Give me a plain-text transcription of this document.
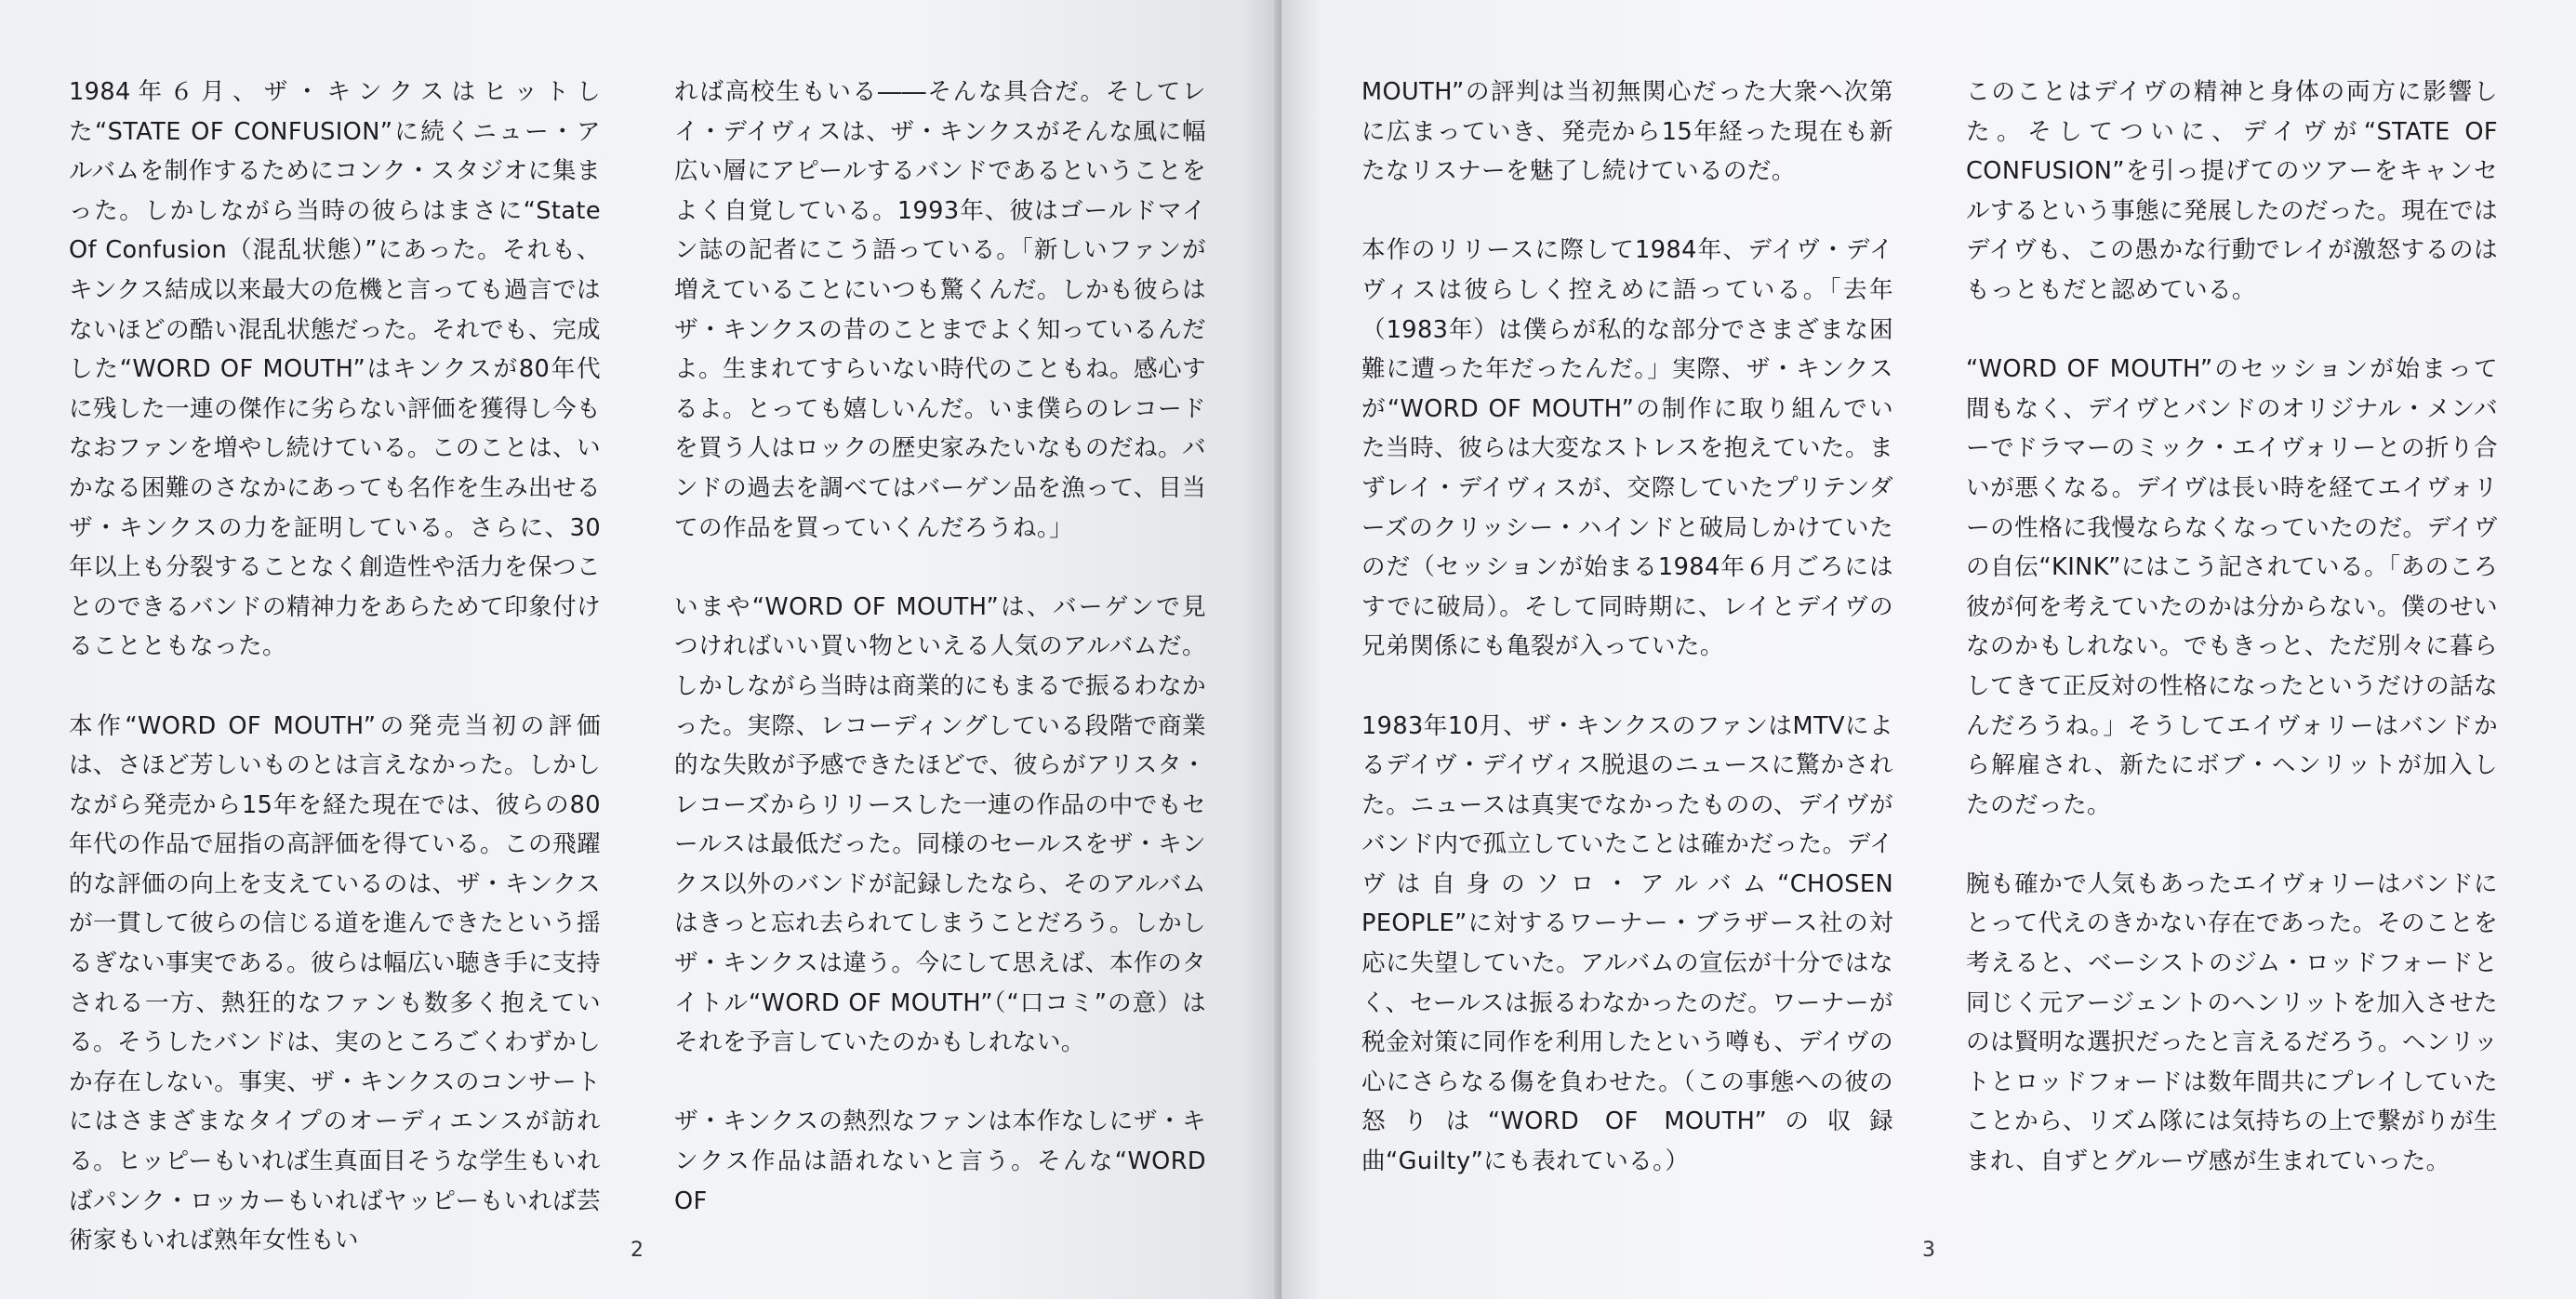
1984年６月、ザ・キンクスはヒットした“STATE OF CONFUSION”に続くニュー・アルバムを制作するためにコンク・スタジオに集まった。しかしながら当時の彼らはまさに“State Of Confusion（混乱状態）”にあった。それも、キンクス結成以来最大の危機と言っても過言ではないほどの酷い混乱状態だった。それでも、完成した“WORD OF MOUTH”はキンクスが80年代に残した一連の傑作に劣らない評価を獲得し今もなおファンを増やし続けている。このことは、いかなる困難のさなかにあっても名作を生み出せるザ・キンクスの力を証明している。さらに、30年以上も分裂することなく創造性や活力を保つことのできるバンドの精神力をあらためて印象付けることともなった。

本作“WORD OF MOUTH”の発売当初の評価は、さほど芳しいものとは言えなかった。しかしながら発売から15年を経た現在では、彼らの80年代の作品で屈指の高評価を得ている。この飛躍的な評価の向上を支えているのは、ザ・キンクスが一貫して彼らの信じる道を進んできたという揺るぎない事実である。彼らは幅広い聴き手に支持される一方、熱狂的なファンも数多く抱えている。そうしたバンドは、実のところごくわずかしか存在しない。事実、ザ・キンクスのコンサートにはさまざまなタイプのオーディエンスが訪れる。ヒッピーもいれば生真面目そうな学生もいればパンク・ロッカーもいればヤッピーもいれば芸術家もいれば熟年女性もい

れば高校生もいる――そんな具合だ。そしてレイ・デイヴィスは、ザ・キンクスがそんな風に幅広い層にアピールするバンドであるということをよく自覚している。1993年、彼はゴールドマイン誌の記者にこう語っている。「新しいファンが増えていることにいつも驚くんだ。しかも彼らはザ・キンクスの昔のことまでよく知っているんだよ。生まれてすらいない時代のこともね。感心するよ。とっても嬉しいんだ。いま僕らのレコードを買う人はロックの歴史家みたいなものだね。バンドの過去を調べてはバーゲン品を漁って、目当ての作品を買っていくんだろうね。」

いまや“WORD OF MOUTH”は、バーゲンで見つければいい買い物といえる人気のアルバムだ。しかしながら当時は商業的にもまるで振るわなかった。実際、レコーディングしている段階で商業的な失敗が予感できたほどで、彼らがアリスタ・レコーズからリリースした一連の作品の中でもセールスは最低だった。同様のセールスをザ・キンクス以外のバンドが記録したなら、そのアルバムはきっと忘れ去られてしまうことだろう。しかしザ・キンクスは違う。今にして思えば、本作のタイトル“WORD OF MOUTH”（“口コミ”の意）はそれを予言していたのかもしれない。

ザ・キンクスの熱烈なファンは本作なしにザ・キンクス作品は語れないと言う。そんな“WORD OF

2	3

MOUTH”の評判は当初無関心だった大衆へ次第に広まっていき、発売から15年経った現在も新たなリスナーを魅了し続けているのだ。

本作のリリースに際して1984年、デイヴ・デイヴィスは彼らしく控えめに語っている。「去年（1983年）は僕らが私的な部分でさまざまな困難に遭った年だったんだ。」実際、ザ・キンクスが“WORD OF MOUTH”の制作に取り組んでいた当時、彼らは大変なストレスを抱えていた。まずレイ・デイヴィスが、交際していたプリテンダーズのクリッシー・ハインドと破局しかけていたのだ（セッションが始まる1984年６月ごろにはすでに破局）。そして同時期に、レイとデイヴの兄弟関係にも亀裂が入っていた。

1983年10月、ザ・キンクスのファンはMTVによるデイヴ・デイヴィス脱退のニュースに驚かされた。ニュースは真実でなかったものの、デイヴがバンド内で孤立していたことは確かだった。デイヴは自身のソロ・アルバム“CHOSEN PEOPLE”に対するワーナー・ブラザース社の対応に失望していた。アルバムの宣伝が十分ではなく、セールスは振るわなかったのだ。ワーナーが税金対策に同作を利用したという噂も、デイヴの心にさらなる傷を負わせた。（この事態への彼の怒りは“WORD OF MOUTH”の収録曲“Guilty”にも表れている。）

このことはデイヴの精神と身体の両方に影響した。そしてついに、デイヴが“STATE OF CONFUSION”を引っ提げてのツアーをキャンセルするという事態に発展したのだった。現在ではデイヴも、この愚かな行動でレイが激怒するのはもっともだと認めている。

“WORD OF MOUTH”のセッションが始まって間もなく、デイヴとバンドのオリジナル・メンバーでドラマーのミック・エイヴォリーとの折り合いが悪くなる。デイヴは長い時を経てエイヴォリーの性格に我慢ならなくなっていたのだ。デイヴの自伝“KINK”にはこう記されている。「あのころ彼が何を考えていたのかは分からない。僕のせいなのかもしれない。でもきっと、ただ別々に暮らしてきて正反対の性格になったというだけの話なんだろうね。」そうしてエイヴォリーはバンドから解雇され、新たにボブ・ヘンリットが加入したのだった。

腕も確かで人気もあったエイヴォリーはバンドにとって代えのきかない存在であった。そのことを考えると、ベーシストのジム・ロッドフォードと同じく元アージェントのヘンリットを加入させたのは賢明な選択だったと言えるだろう。ヘンリットとロッドフォードは数年間共にプレイしていたことから、リズム隊には気持ちの上で繋がりが生まれ、自ずとグルーヴ感が生まれていった。
